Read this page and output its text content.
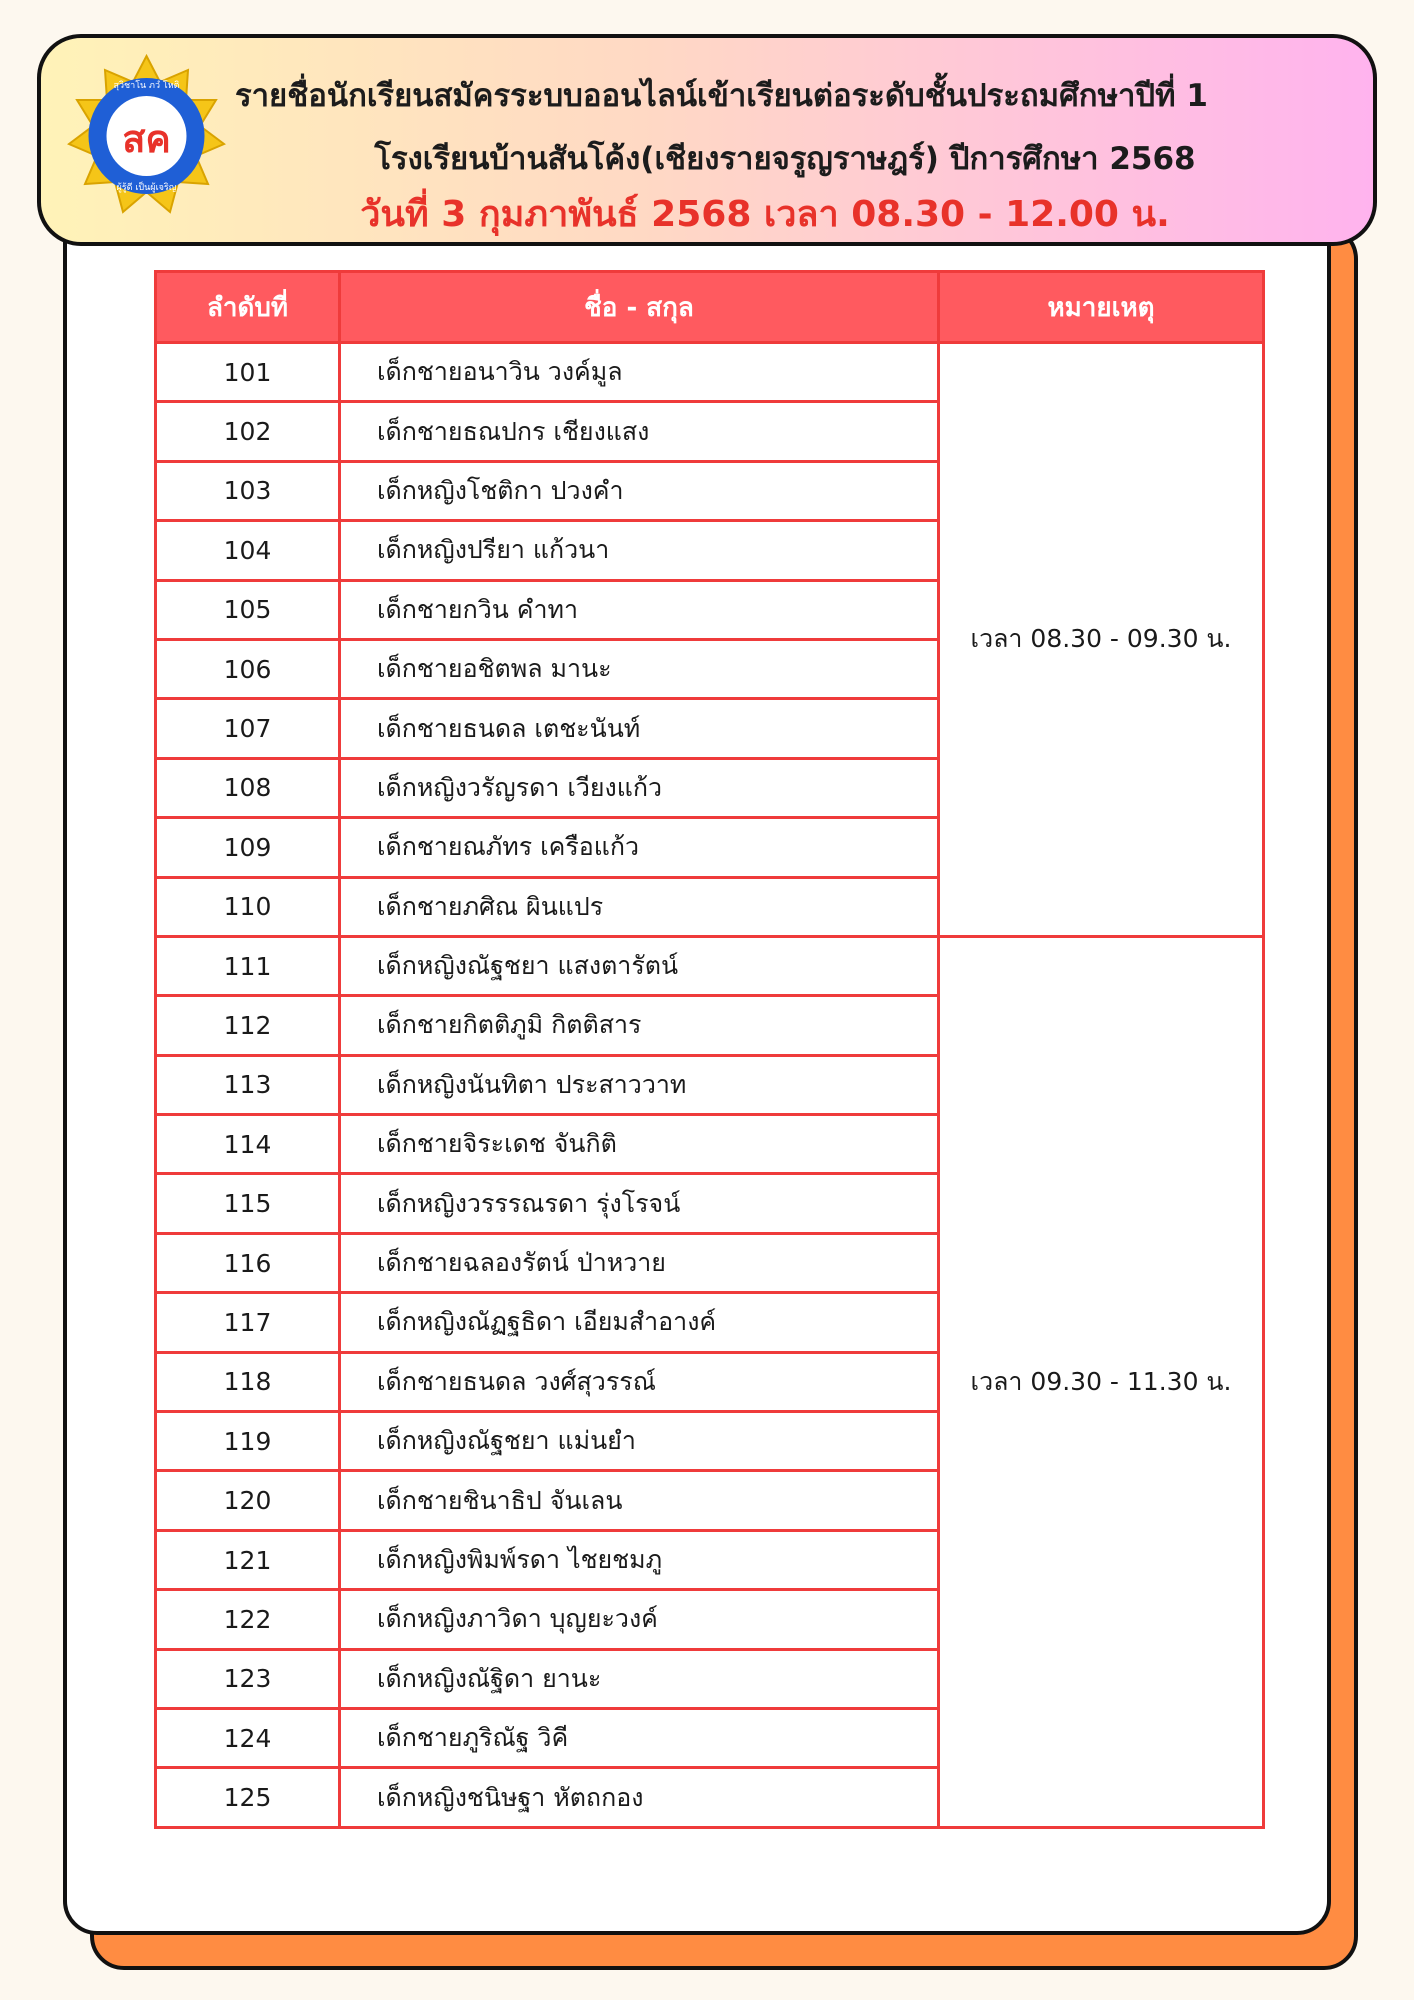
สุวิชาโน ภวํ โหติ
ผู้รู้ดี เป็นผู้เจริญ
สค
รายชื่อนักเรียนสมัครระบบออนไลน์เข้าเรียนต่อระดับชั้นประถมศึกษาปีที่ 1
โรงเรียนบ้านสันโค้ง(เชียงรายจรูญราษฎร์) ปีการศึกษา 2568
วันที่ 3 กุมภาพันธ์ 2568 เวลา 08.30 - 12.00 น.
ลำดับที่	ชื่อ - สกุล	หมายเหตุ
101	เด็กชายอนาวิน วงค์มูล	เวลา 08.30 - 09.30 น.
102	เด็กชายธณปกร เชียงแสง	
103	เด็กหญิงโชติกา ปวงคำ	
104	เด็กหญิงปรียา แก้วนา	
105	เด็กชายกวิน คำทา	
106	เด็กชายอชิตพล มานะ	
107	เด็กชายธนดล เตชะนันท์	
108	เด็กหญิงวรัญรดา เวียงแก้ว	
109	เด็กชายณภัทร เครือแก้ว	
110	เด็กชายภศิณ ผินแปร	
111	เด็กหญิงณัฐชยา แสงตารัตน์	เวลา 09.30 - 11.30 น.
112	เด็กชายกิตติภูมิ กิตติสาร	
113	เด็กหญิงนันทิตา ประสาววาท	
114	เด็กชายจิระเดช จันกิติ	
115	เด็กหญิงวรรรณรดา รุ่งโรจน์	
116	เด็กชายฉลองรัตน์ ป่าหวาย	
117	เด็กหญิงณัฏฐธิดา เอียมสำอางค์	
118	เด็กชายธนดล วงศ์สุวรรณ์	
119	เด็กหญิงณัฐชยา แม่นยำ	
120	เด็กชายชินาธิป จันเลน	
121	เด็กหญิงพิมพ์รดา ไชยชมภู	
122	เด็กหญิงภาวิดา บุญยะวงค์	
123	เด็กหญิงณัฐิดา ยานะ	
124	เด็กชายภูริณัฐ วิคี	
125	เด็กหญิงชนิษฐา หัตถกอง	
